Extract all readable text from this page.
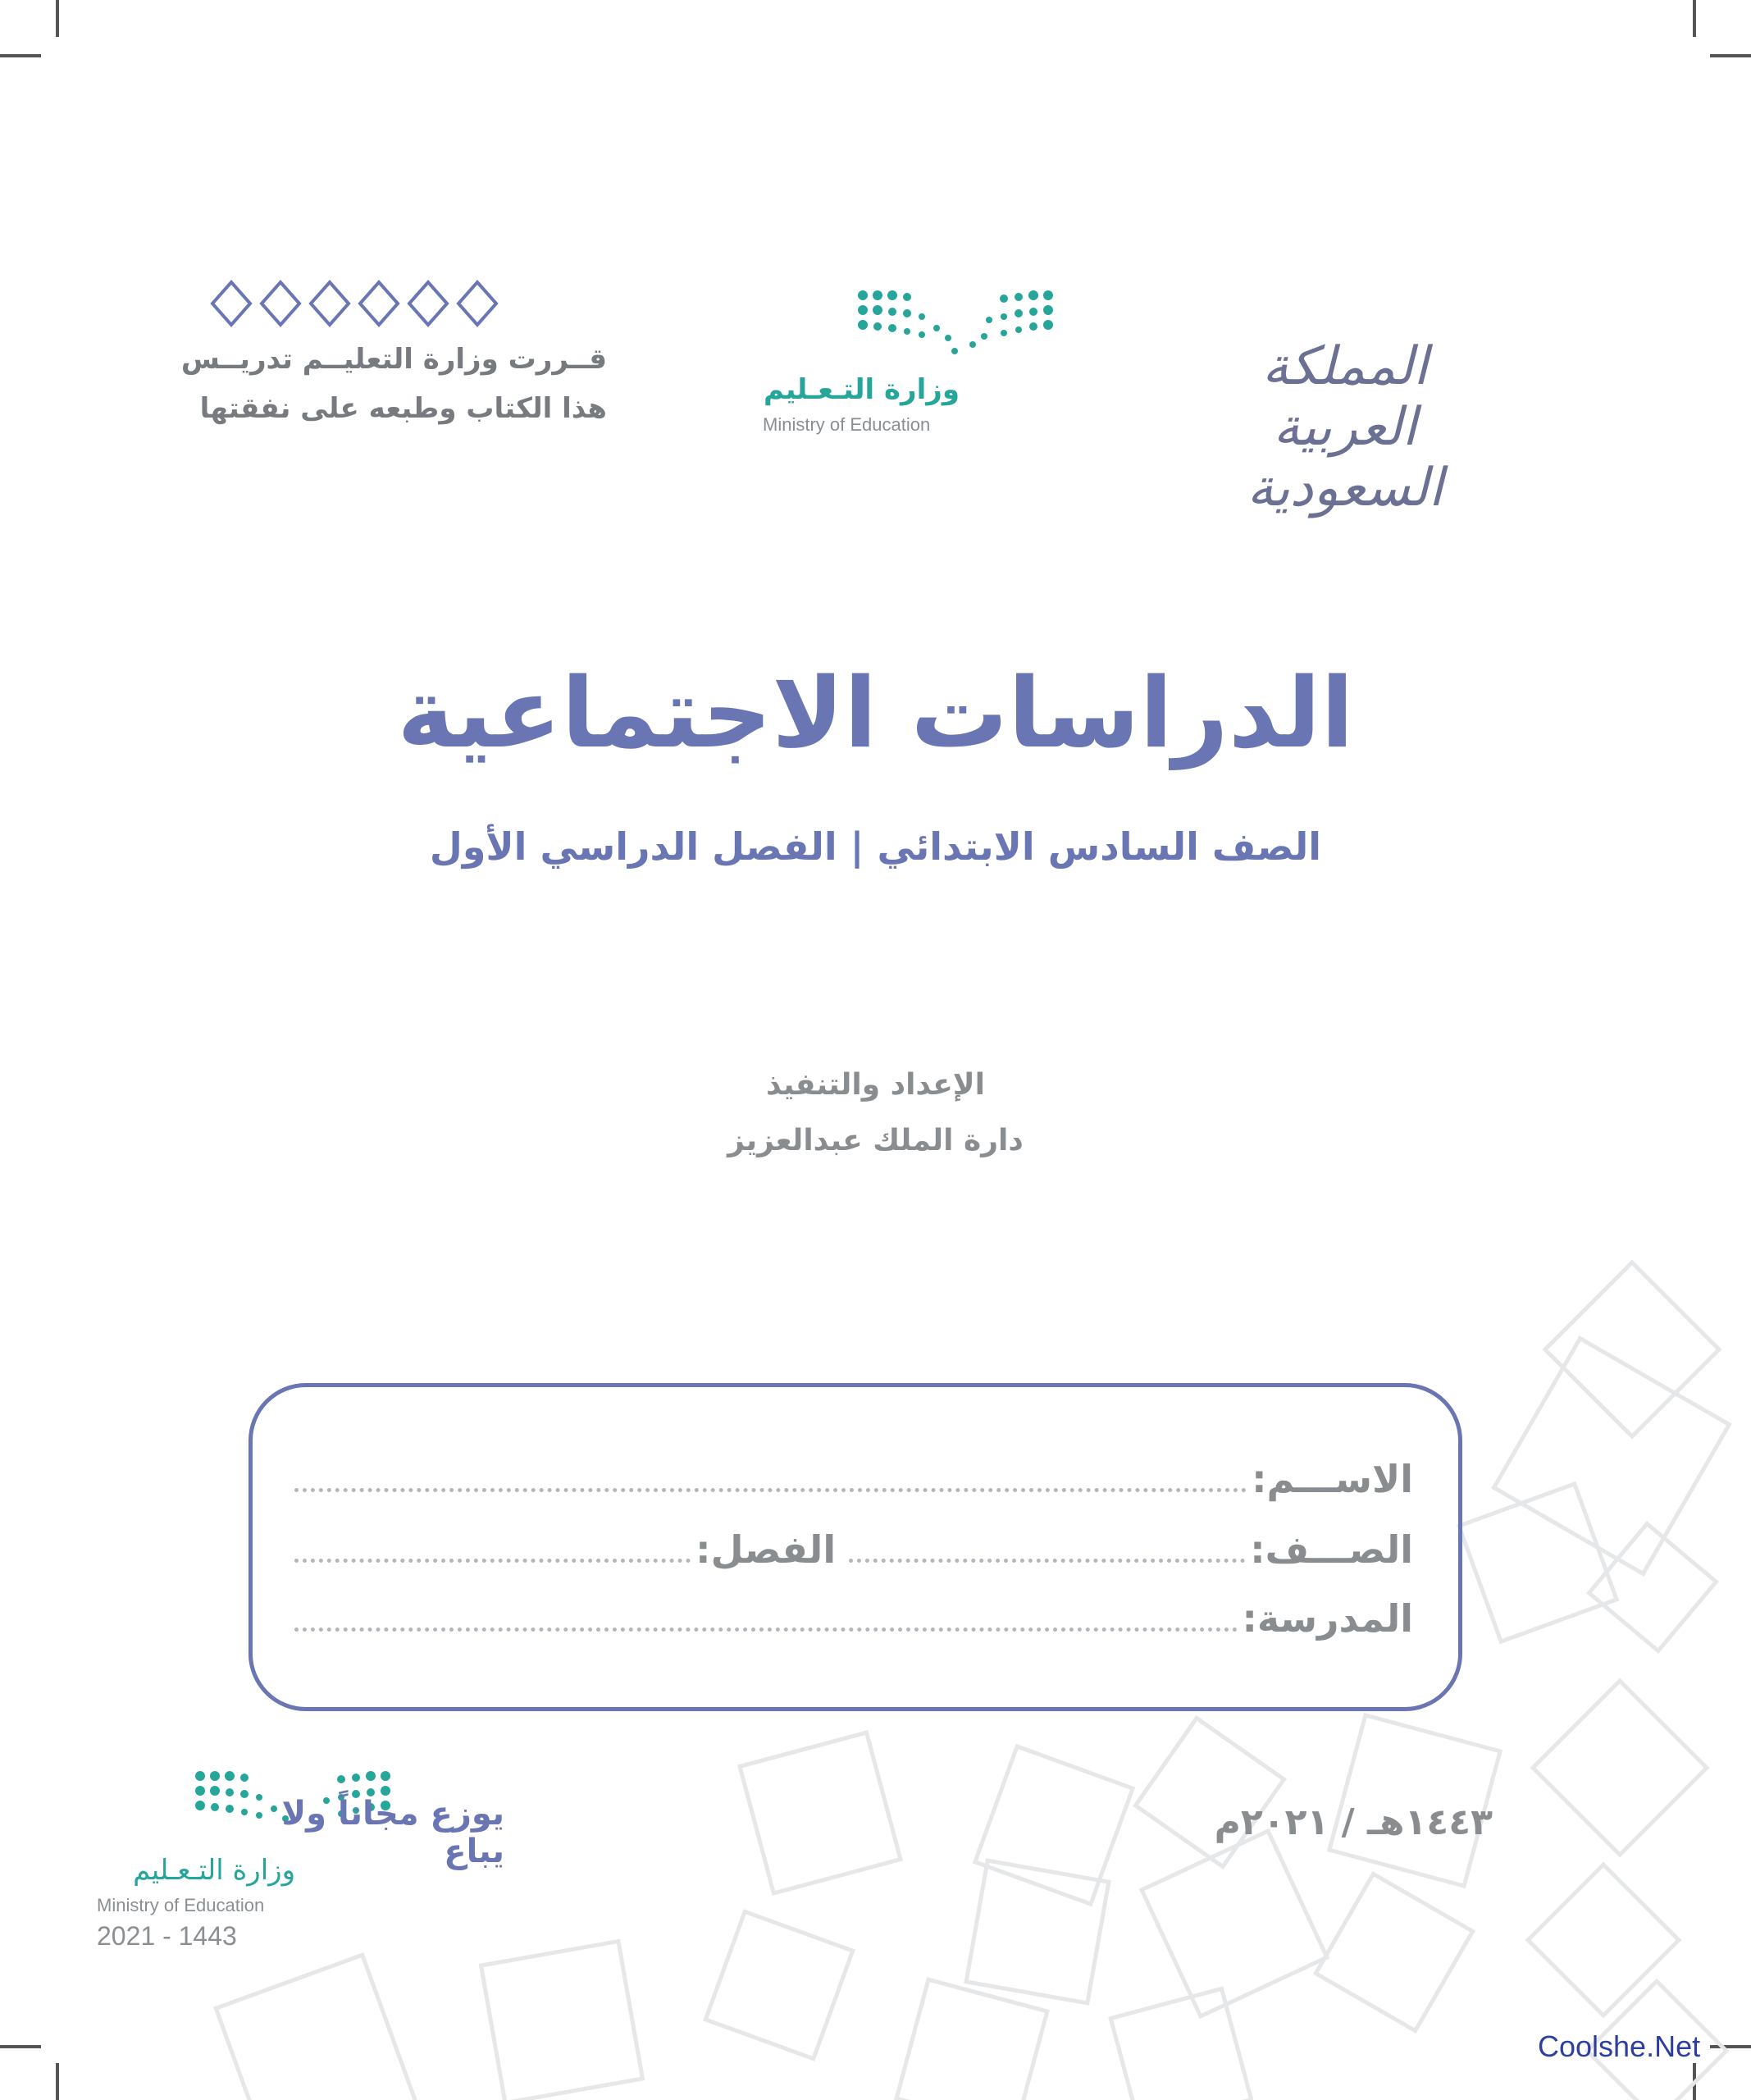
قــررت وزارة التعليــم تدريــس
هذا الكتاب وطبعه على نفقتها
وزارة التـعـليم
Ministry of Education
المملكة العربية السعودية
الدراسات الاجتماعية
الصف السادس الابتدائي | الفصل الدراسي الأول
الإعداد والتنفيذ
دارة الملك عبدالعزيز
الاســـم:
الصـــف:
الفصل:
المدرسة:
يوزع مجاناً ولا يباع
وزارة التـعـليم
Ministry of Education
2021 - 1443
١٤٤٣هـ / ٢٠٢١م
Coolshe.Net
